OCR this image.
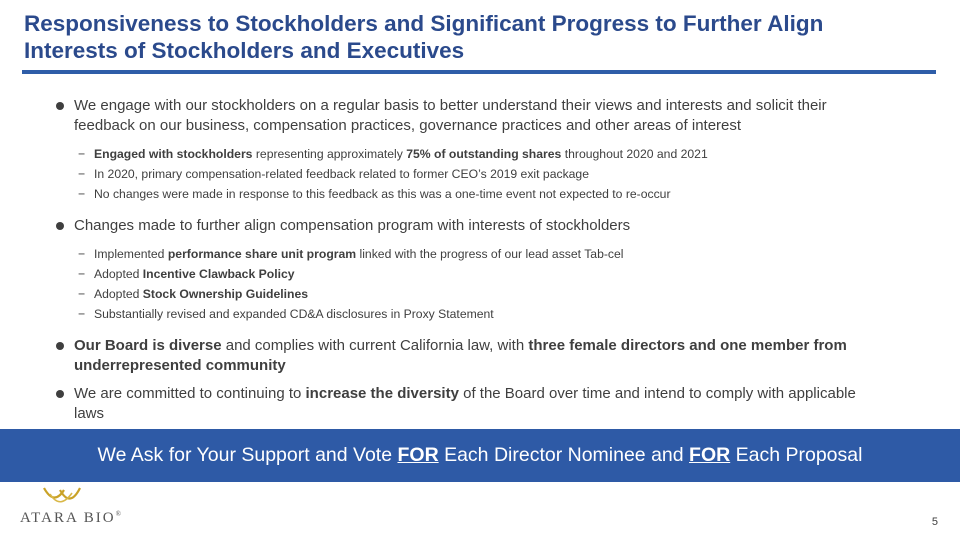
Responsiveness to Stockholders and Significant Progress to Further Align
Interests of Stockholders and Executives
We engage with our stockholders on a regular basis to better understand their views and interests and solicit their feedback on our business, compensation practices, governance practices and other areas of interest
− Engaged with stockholders representing approximately 75% of outstanding shares throughout 2020 and 2021
− In 2020, primary compensation-related feedback related to former CEO’s 2019 exit package
− No changes were made in response to this feedback as this was a one-time event not expected to re-occur
Changes made to further align compensation program with interests of stockholders
− Implemented performance share unit program linked with the progress of our lead asset Tab-cel
− Adopted Incentive Clawback Policy
− Adopted Stock Ownership Guidelines
− Substantially revised and expanded CD&A disclosures in Proxy Statement
Our Board is diverse and complies with current California law, with three female directors and one member from underrepresented community
We are committed to continuing to increase the diversity of the Board over time and intend to comply with applicable laws
We Ask for Your Support and Vote FOR Each Director Nominee and FOR Each Proposal
ATARA BIO®
5
